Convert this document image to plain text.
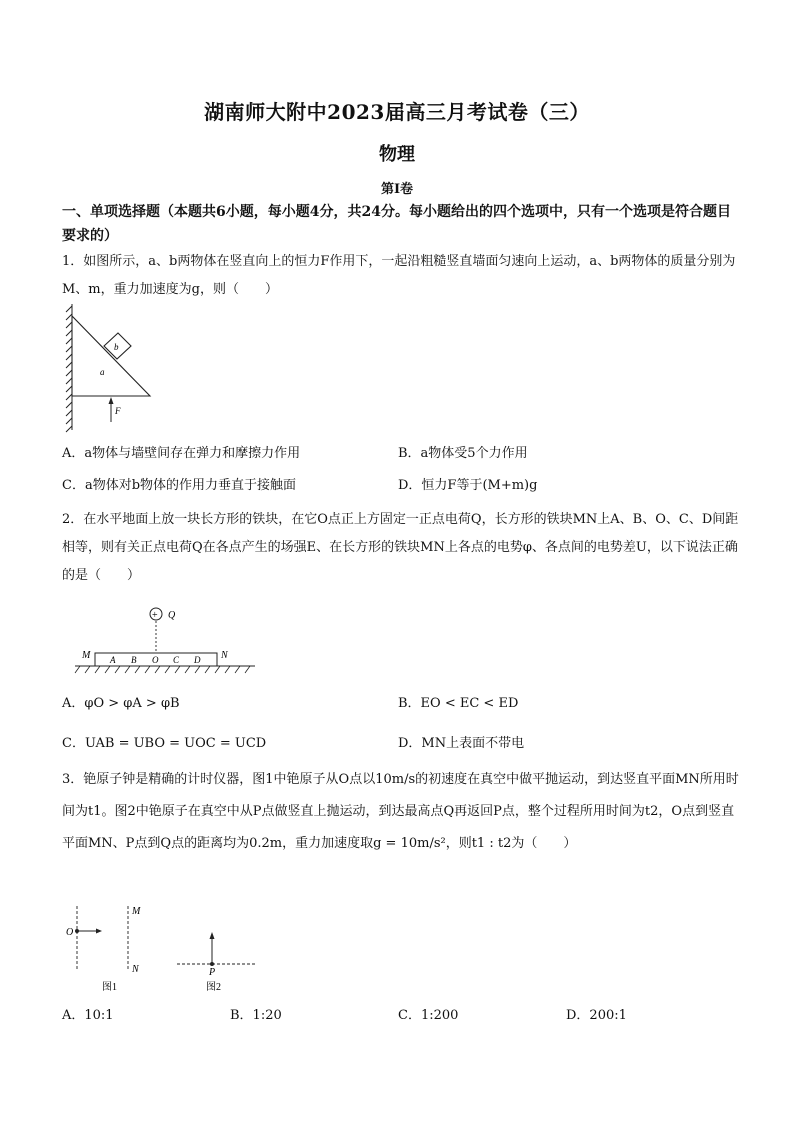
湖南师大附中2023届高三月考试卷（三）
物理
第Ⅰ卷
一、单项选择题（本题共6小题，每小题4分，共24分。每小题给出的四个选项中，只有一个选项是符合题目要求的）
1．如图所示，a、b两物体在竖直向上的恒力F作用下，一起沿粗糙竖直墙面匀速向上运动，a、b两物体的质量分别为M、m，重力加速度为g，则（　　）
b
a
F
A．a物体与墙壁间存在弹力和摩擦力作用	B．a物体受5个力作用
C．a物体对b物体的作用力垂直于接触面	D．恒力F等于(M+m)g
2．在水平地面上放一块长方形的铁块，在它O点正上方固定一正点电荷Q，长方形的铁块MN上A、B、O、C、D间距相等，则有关正点电荷Q在各点产生的场强E、在长方形的铁块MN上各点的电势φ、各点间的电势差U，以下说法正确的是（　　）
+ Q
M	N
A B O C D
A．φO > φA > φB	B．EO < EC < ED
C．UAB = UBO = UOC = UCD	D．MN上表面不带电
3．铯原子钟是精确的计时仪器，图1中铯原子从O点以10m/s的初速度在真空中做平抛运动，到达竖直平面MN所用时间为t1。图2中铯原子在真空中从P点做竖直上抛运动，到达最高点Q再返回P点，整个过程所用时间为t2，O点到竖直平面MN、P点到Q点的距离均为0.2m，重力加速度取g = 10m/s²，则t1 : t2为（　　）
O
M
N
图1
P
图2
A．10:1	B．1:20	C．1:200	D．200:1
